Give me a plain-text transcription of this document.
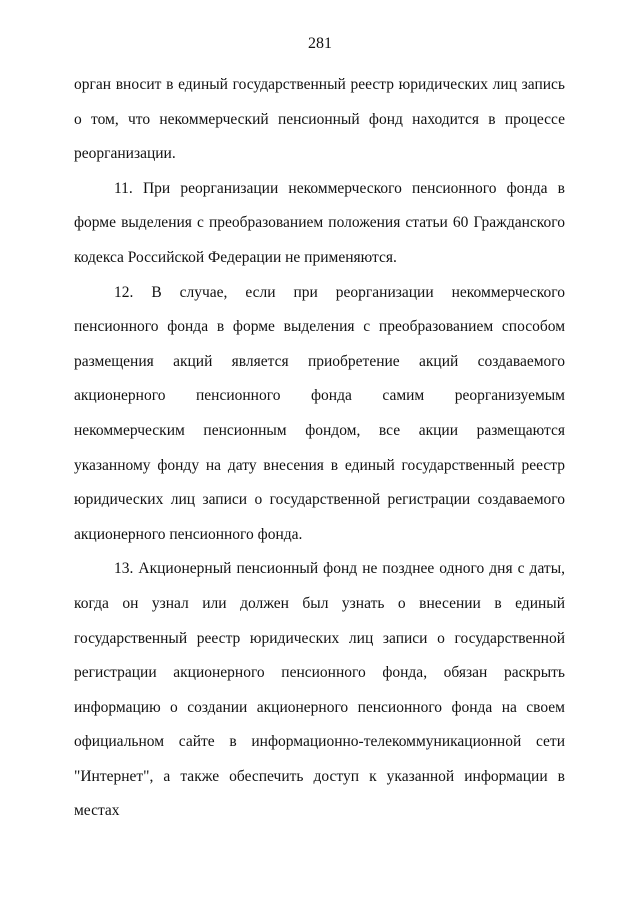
281

орган вносит в единый государственный реестр юридических лиц запись о том, что некоммерческий пенсионный фонд находится в процессе реорганизации.

11. При реорганизации некоммерческого пенсионного фонда в форме выделения с преобразованием положения статьи 60 Гражданского кодекса Российской Федерации не применяются.

12. В случае, если при реорганизации некоммерческого пенсионного фонда в форме выделения с преобразованием способом размещения акций является приобретение акций создаваемого акционерного пенсионного фонда самим реорганизуемым некоммерческим пенсионным фондом, все акции размещаются указанному фонду на дату внесения в единый государственный реестр юридических лиц записи о государственной регистрации создаваемого акционерного пенсионного фонда.

13. Акционерный пенсионный фонд не позднее одного дня с даты, когда он узнал или должен был узнать о внесении в единый государственный реестр юридических лиц записи о государственной регистрации акционерного пенсионного фонда, обязан раскрыть информацию о создании акционерного пенсионного фонда на своем официальном сайте в информационно-телекоммуникационной сети "Интернет", а также обеспечить доступ к указанной информации в местах
